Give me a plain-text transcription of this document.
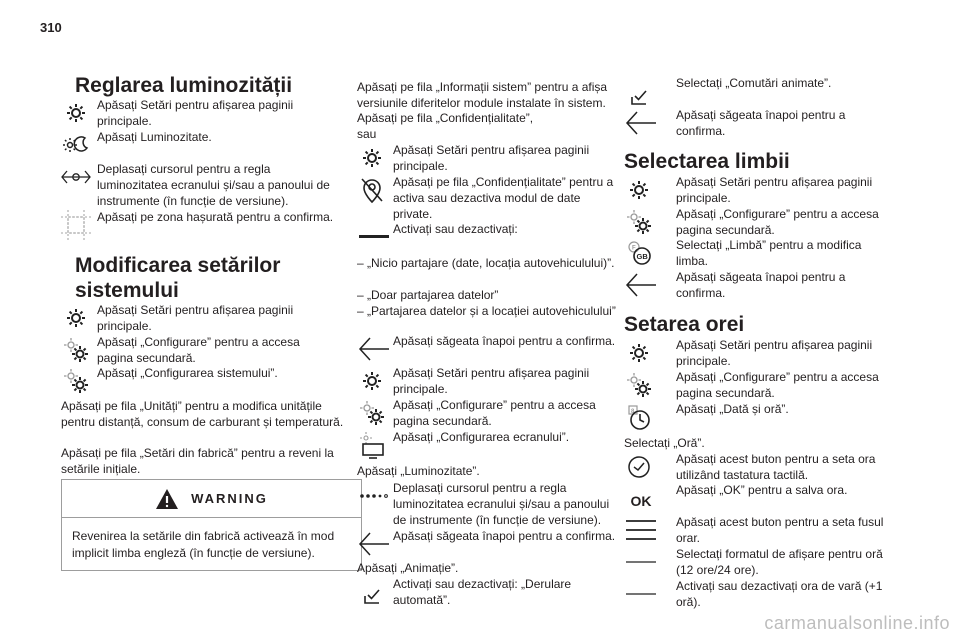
310
Reglarea luminozității
Apăsați Setări pentru afișarea paginii principale.
Apăsați Luminozitate.
Deplasați cursorul pentru a regla luminozitatea ecranului și/sau a panoului de instrumente (în funcție de versiune).
Apăsați pe zona hașurată pentru a confirma.
Modificarea setărilor sistemului
Apăsați Setări pentru afișarea paginii principale.
Apăsați „Configurare” pentru a accesa pagina secundară.
Apăsați „Configurarea sistemului”.
Apăsați pe fila „Unități” pentru a modifica unitățile pentru distanță, consum de carburant și temperatură.
Apăsați pe fila „Setări din fabrică” pentru a reveni la setările inițiale.
WARNING
Revenirea la setările din fabrică activează în mod implicit limba engleză (în funcție de versiune).
Apăsați pe fila „Informații sistem” pentru a afișa versiunile diferitelor module instalate în sistem.
Apăsați pe fila „Confidențialitate”,
sau
Apăsați Setări pentru afișarea paginii principale.
Apăsați pe fila „Confidențialitate” pentru a activa sau dezactiva modul de date private.
Activați sau dezactivați:
– „Nicio partajare (date, locația autovehiculului)”.
– „Doar partajarea datelor”
– „Partajarea datelor și a locației autovehiculului”
Apăsați săgeata înapoi pentru a confirma.
Apăsați Setări pentru afișarea paginii principale.
Apăsați „Configurare” pentru a accesa pagina secundară.
Apăsați „Configurarea ecranului”.
Apăsați „Luminozitate”.
Deplasați cursorul pentru a regla luminozitatea ecranului și/sau a panoului de instrumente (în funcție de versiune).
Apăsați săgeata înapoi pentru a confirma.
Apăsați „Animație”.
Activați sau dezactivați: „Derulare automată”.
Selectați „Comutări animate”.
Apăsați săgeata înapoi pentru a confirma.
Selectarea limbii
Apăsați Setări pentru afișarea paginii principale.
Apăsați „Configurare” pentru a accesa pagina secundară.
F
GB
Selectați „Limbă” pentru a modifica limba.
Apăsați săgeata înapoi pentru a confirma.
Setarea orei
Apăsați Setări pentru afișarea paginii principale.
Apăsați „Configurare” pentru a accesa pagina secundară.
8	Apăsați „Dată și oră”.
Selectați „Oră”.
Apăsați acest buton pentru a seta ora utilizând tastatura tactilă.
OK
Apăsați „OK” pentru a salva ora.
Apăsați acest buton pentru a seta fusul orar.
Selectați formatul de afișare pentru oră (12 ore/24 ore).
Activați sau dezactivați ora de vară (+1 oră).
carmanualsonline.info
